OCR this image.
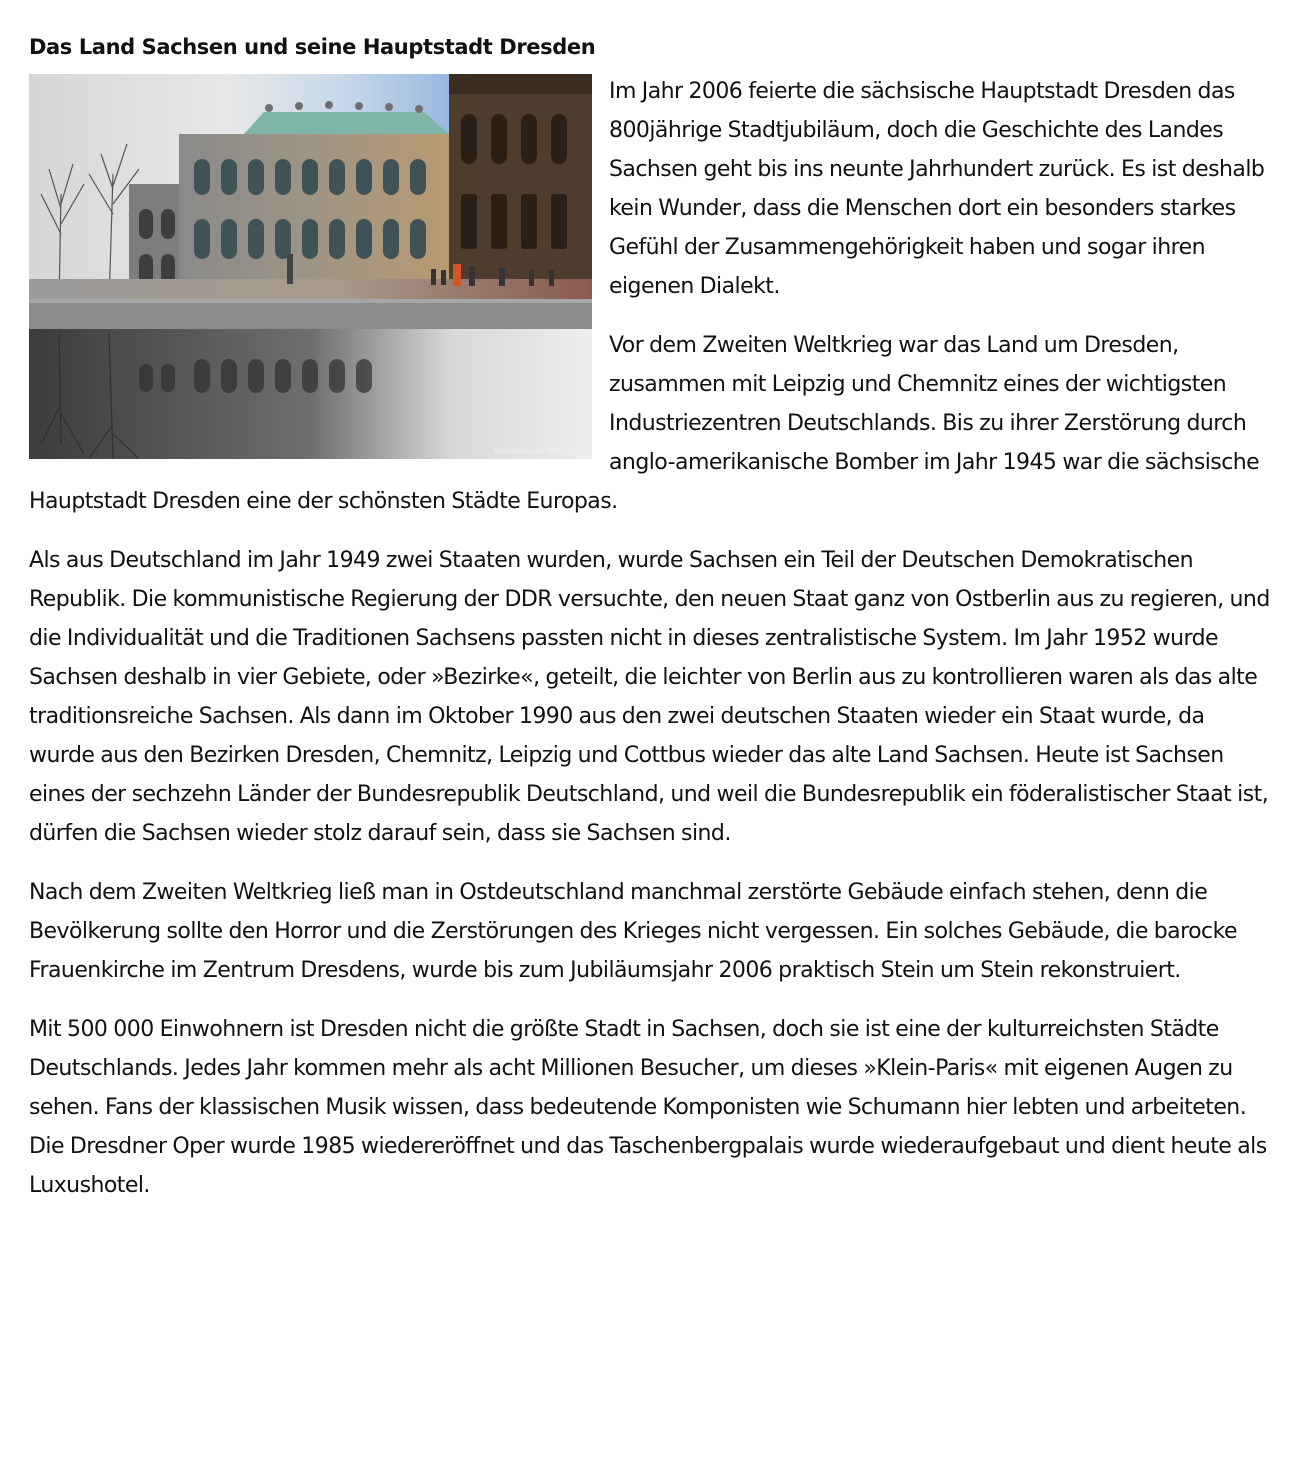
Das Land Sachsen und seine Hauptstadt Dresden
Sean Gallup via Getty Images

Im Jahr 2006 feierte die sächsische Hauptstadt Dresden das 800jährige Stadtjubiläum, doch die Geschichte des Landes Sachsen geht bis ins neunte Jahrhundert zurück. Es ist deshalb kein Wunder, dass die Menschen dort ein besonders starkes Gefühl der Zusammengehörigkeit haben und sogar ihren eigenen Dialekt.

Vor dem Zweiten Weltkrieg war das Land um Dresden, zusammen mit Leipzig und Chemnitz eines der wichtigsten Industriezentren Deutschlands. Bis zu ihrer Zerstörung durch anglo-amerikanische Bomber im Jahr 1945 war die sächsische Hauptstadt Dresden eine der schönsten Städte Europas.

Als aus Deutschland im Jahr 1949 zwei Staaten wurden, wurde Sachsen ein Teil der Deutschen Demokratischen Republik. Die kommunistische Regierung der DDR versuchte, den neuen Staat ganz von Ostberlin aus zu regieren, und die Individualität und die Traditionen Sachsens passten nicht in dieses zentralistische System. Im Jahr 1952 wurde Sachsen deshalb in vier Gebiete, oder »Bezirke«, geteilt, die leichter von Berlin aus zu kontrollieren waren als das alte traditionsreiche Sachsen. Als dann im Oktober 1990 aus den zwei deutschen Staaten wieder ein Staat wurde, da wurde aus den Bezirken Dresden, Chemnitz, Leipzig und Cottbus wieder das alte Land Sachsen. Heute ist Sachsen eines der sechzehn Länder der Bundesrepublik Deutschland, und weil die Bundesrepublik ein föderalistischer Staat ist, dürfen die Sachsen wieder stolz darauf sein, dass sie Sachsen sind.

Nach dem Zweiten Weltkrieg ließ man in Ostdeutschland manchmal zerstörte Gebäude einfach stehen, denn die Bevölkerung sollte den Horror und die Zerstörungen des Krieges nicht vergessen. Ein solches Gebäude, die barocke Frauenkirche im Zentrum Dresdens, wurde bis zum Jubiläumsjahr 2006 praktisch Stein um Stein rekonstruiert.

Mit 500 000 Einwohnern ist Dresden nicht die größte Stadt in Sachsen, doch sie ist eine der kulturreichsten Städte Deutschlands. Jedes Jahr kommen mehr als acht Millionen Besucher, um dieses »Klein-Paris« mit eigenen Augen zu sehen. Fans der klassischen Musik wissen, dass bedeutende Komponisten wie Schumann hier lebten und arbeiteten. Die Dresdner Oper wurde 1985 wiedereröffnet und das Taschenbergpalais wurde wiederaufgebaut und dient heute als Luxushotel.
